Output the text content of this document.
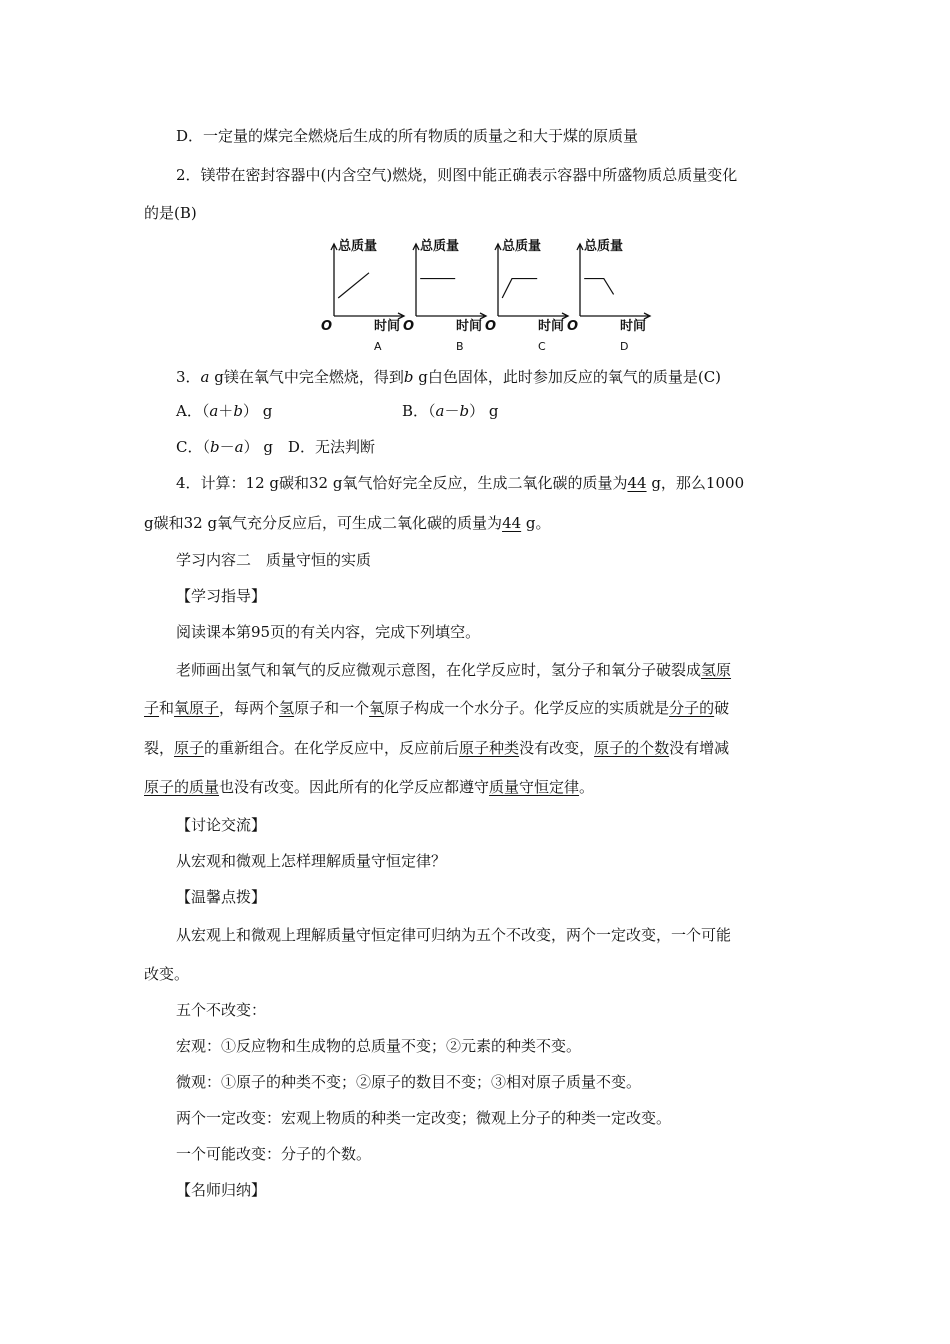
D．一定量的煤完全燃烧后生成的所有物质的质量之和大于煤的原质量
2．镁带在密封容器中(内含空气)燃烧，则图中能正确表示容器中所盛物质总质量变化
的是(B)
总质量
O	时间
A
总质量
O	时间
B
总质量
O	时间
C
总质量
O	时间
D
3．a g镁在氧气中完全燃烧，得到b g白色固体，此时参加反应的氧气的质量是(C)
A．（a＋b） g	B．（a－b） g
C．（b－a） g　D．无法判断
4．计算：12 g碳和32 g氧气恰好完全反应，生成二氧化碳的质量为44 g，那么1000
g碳和32 g氧气充分反应后，可生成二氧化碳的质量为44 g。
学习内容二　质量守恒的实质
【学习指导】
阅读课本第95页的有关内容，完成下列填空。
老师画出氢气和氧气的反应微观示意图，在化学反应时，氢分子和氧分子破裂成氢原
子和氧原子，每两个氢原子和一个氧原子构成一个水分子。化学反应的实质就是分子的破
裂，原子的重新组合。在化学反应中，反应前后原子种类没有改变，原子的个数没有增减
原子的质量也没有改变。因此所有的化学反应都遵守质量守恒定律。
【讨论交流】
从宏观和微观上怎样理解质量守恒定律？
【温馨点拨】
从宏观上和微观上理解质量守恒定律可归纳为五个不改变，两个一定改变，一个可能
改变。
五个不改变：
宏观：①反应物和生成物的总质量不变；②元素的种类不变。
微观：①原子的种类不变；②原子的数目不变；③相对原子质量不变。
两个一定改变：宏观上物质的种类一定改变；微观上分子的种类一定改变。
一个可能改变：分子的个数。
【名师归纳】
